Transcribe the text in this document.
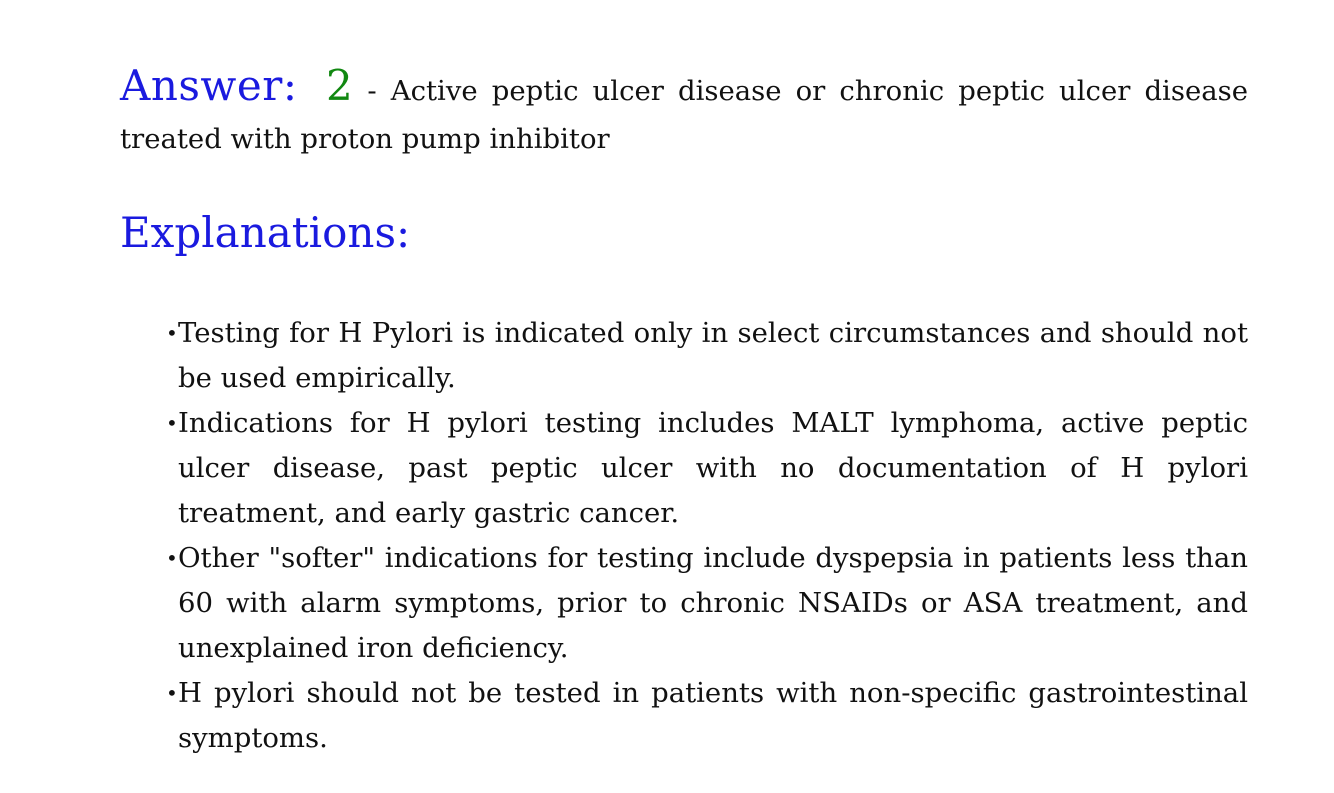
Answer: 2 - Active peptic ulcer disease or chronic peptic ulcer disease treated with proton pump inhibitor

Explanations:
• Testing for H Pylori is indicated only in select circumstances and should not be used empirically.
• Indications for H pylori testing includes MALT lymphoma, active peptic ulcer disease, past peptic ulcer with no documentation of H pylori treatment, and early gastric cancer.
• Other "softer" indications for testing include dyspepsia in patients less than 60 with alarm symptoms, prior to chronic NSAIDs or ASA treatment, and unexplained iron deficiency.
• H pylori should not be tested in patients with non-specific gastrointestinal symptoms.
